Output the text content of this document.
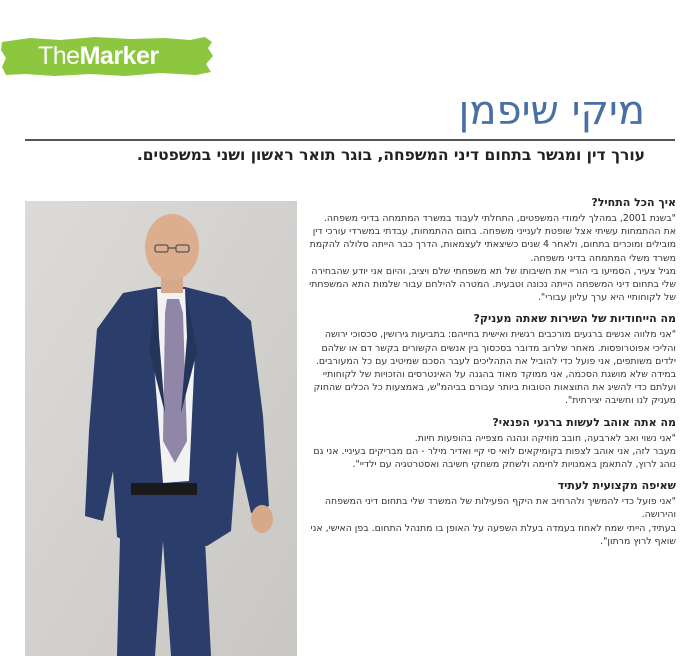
TheMarker
מיקי שיפמן
עורך דין ומגשר בתחום דיני המשפחה, בוגר תואר ראשון ושני במשפטים.
איך הכל התחיל?

"בשנת 2001, במהלך לימודי המשפטים, התחלתי לעבוד במשרד המתמחה בדיני משפחה.

את ההתמחות עשיתי אצל שופטת לענייני משפחה. בתום ההתמחות, עבדתי במשרדי עורכי דין מובילים ומוכרים בתחום, ולאחר 4 שנים כשיצאתי לעצמאות, הדרך כבר הייתה סלולה להקמת משרד משלי המתמחה בדיני משפחה.

מגיל צעיר, הסמיעו בי הוריי את חשיבותו של תא משפחתי שלם ויציב, והיום אני יודע שהבחירה שלי בתחום דיני המשפחה הייתה נכונה וטבעית. המטרה להילחם עבור שלמות התא המשפחתי של לקוחותיי היא ערך עליון עבורי".

מה הייחודיות של השירות שאתה מעניק?

"אני מלווה אנשים ברגעים מורכבים רגשית ואישית בחייהם: בתביעות גירושין, סכסוכי ירושה והליכי אפוטרופסות. מאחר שלרוב מדובר בסכסוך בין אנשים הקשורים בקשר דם או שלהם ילדים משותפים, אני פועל כדי להוביל את התהליכים לעבר הסכם שמיטיב עם כל המעורבים. במידה שלא מושגת הסכמה, אני ממוקד מאוד בהגנה על האינטרסים והזכויות של לקוחותיי ועלתם כדי להשיג את התוצאות הטובות ביותר עבורם בביהמ"ש, באמצעות כל הכלים שהחוק מעניק לנו וחשיבה יצירתית".

מה אתה אוהב לעשות ברגעי הפנאי?

"אני נשוי ואב לארבעה, חובב מוזיקה ונהנה מצפייה בהופעות חיות.

מעבר לזה, אני אוהב לצפות בקומיקאים לואי סי קיי ואדיר מילר - הם מבריקים בעיניי. אני גם נוהג לרוץ, להתאמן באמנויות לחימה ולשחק משחקי חשיבה ואסטרטגיה עם ילדיי".

שאיפה מקצועית לעתיד

"אני פועל כדי להמשיך ולהרחיב את היקף הפעילות של המשרד שלי בתחום דיני המשפחה והירושה.

בעתיד, הייתי שמח לאחוז בעמדה בעלת השפעה על האופן בו מתנהל התחום. בפן האישי, אני שואף לרוץ מרתון".
